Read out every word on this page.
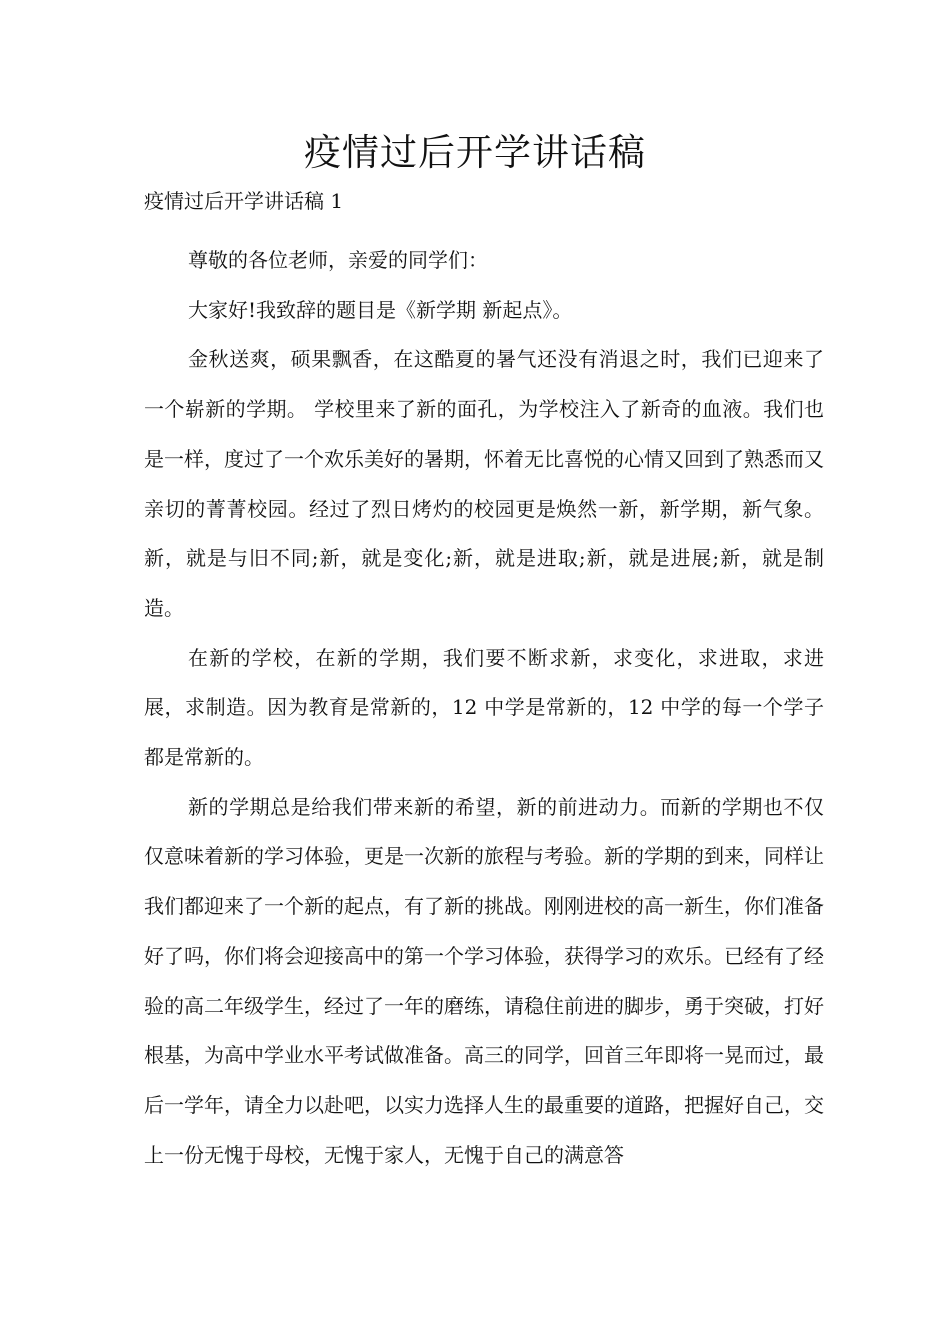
疫情过后开学讲话稿
疫情过后开学讲话稿 1

尊敬的各位老师，亲爱的同学们：

大家好!我致辞的题目是《新学期 新起点》。

金秋送爽，硕果飘香，在这酷夏的暑气还没有消退之时，我们已迎来了一个崭新的学期。 学校里来了新的面孔，为学校注入了新奇的血液。我们也是一样，度过了一个欢乐美好的暑期，怀着无比喜悦的心情又回到了熟悉而又亲切的菁菁校园。经过了烈日烤灼的校园更是焕然一新，新学期，新气象。新，就是与旧不同;新，就是变化;新，就是进取;新，就是进展;新，就是制造。

在新的学校，在新的学期，我们要不断求新，求变化，求进取，求进展，求制造。因为教育是常新的，12 中学是常新的，12 中学的每一个学子都是常新的。

新的学期总是给我们带来新的希望，新的前进动力。而新的学期也不仅仅意味着新的学习体验，更是一次新的旅程与考验。新的学期的到来，同样让我们都迎来了一个新的起点，有了新的挑战。刚刚进校的高一新生，你们准备好了吗，你们将会迎接高中的第一个学习体验，获得学习的欢乐。已经有了经验的高二年级学生，经过了一年的磨练，请稳住前进的脚步，勇于突破，打好根基，为高中学业水平考试做准备。高三的同学，回首三年即将一晃而过，最后一学年，请全力以赴吧，以实力选择人生的最重要的道路，把握好自己，交上一份无愧于母校，无愧于家人，无愧于自己的满意答
